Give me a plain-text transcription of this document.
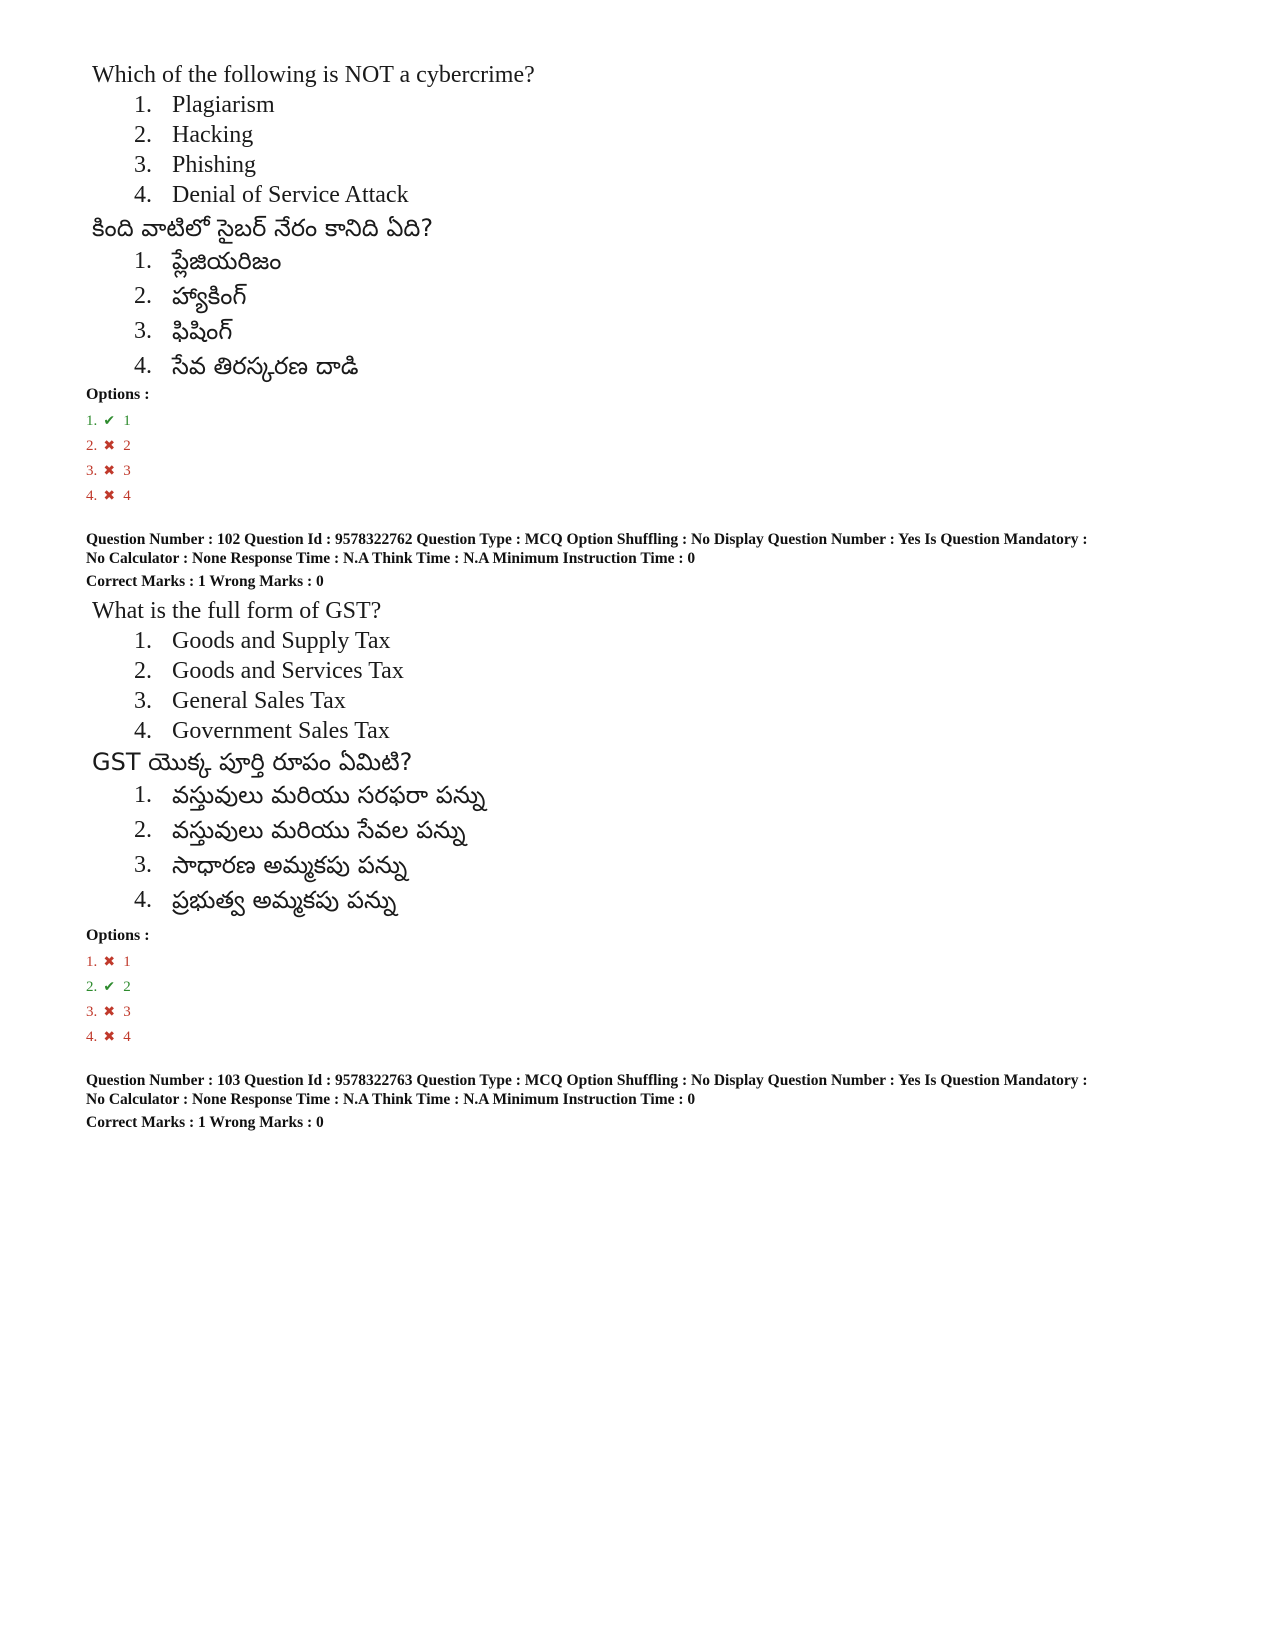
Which of the following is NOT a cybercrime?

1. Plagiarism
2. Hacking
3. Phishing
4. Denial of Service Attack

కింది వాటిలో సైబర్ నేరం కానిది ఏది?

1. ప్లేజియరిజం
2. హ్యాకింగ్
3. ఫిషింగ్
4. సేవ తిరస్కరణ దాడి
Options :
1. ✔ 1
2. ✖ 2
3. ✖ 3
4. ✖ 4

Question Number : 102 Question Id : 9578322762 Question Type : MCQ Option Shuffling : No Display Question Number : Yes Is Question Mandatory :

No Calculator : None Response Time : N.A Think Time : N.A Minimum Instruction Time : 0

Correct Marks : 1 Wrong Marks : 0

What is the full form of GST?

1. Goods and Supply Tax
2. Goods and Services Tax
3. General Sales Tax
4. Government Sales Tax

GST యొక్క పూర్తి రూపం ఏమిటి?

1. వస్తువులు మరియు సరఫరా పన్ను
2. వస్తువులు మరియు సేవల పన్ను
3. సాధారణ అమ్మకపు పన్ను
4. ప్రభుత్వ అమ్మకపు పన్ను
Options :
1. ✖ 1
2. ✔ 2
3. ✖ 3
4. ✖ 4

Question Number : 103 Question Id : 9578322763 Question Type : MCQ Option Shuffling : No Display Question Number : Yes Is Question Mandatory :

No Calculator : None Response Time : N.A Think Time : N.A Minimum Instruction Time : 0

Correct Marks : 1 Wrong Marks : 0
